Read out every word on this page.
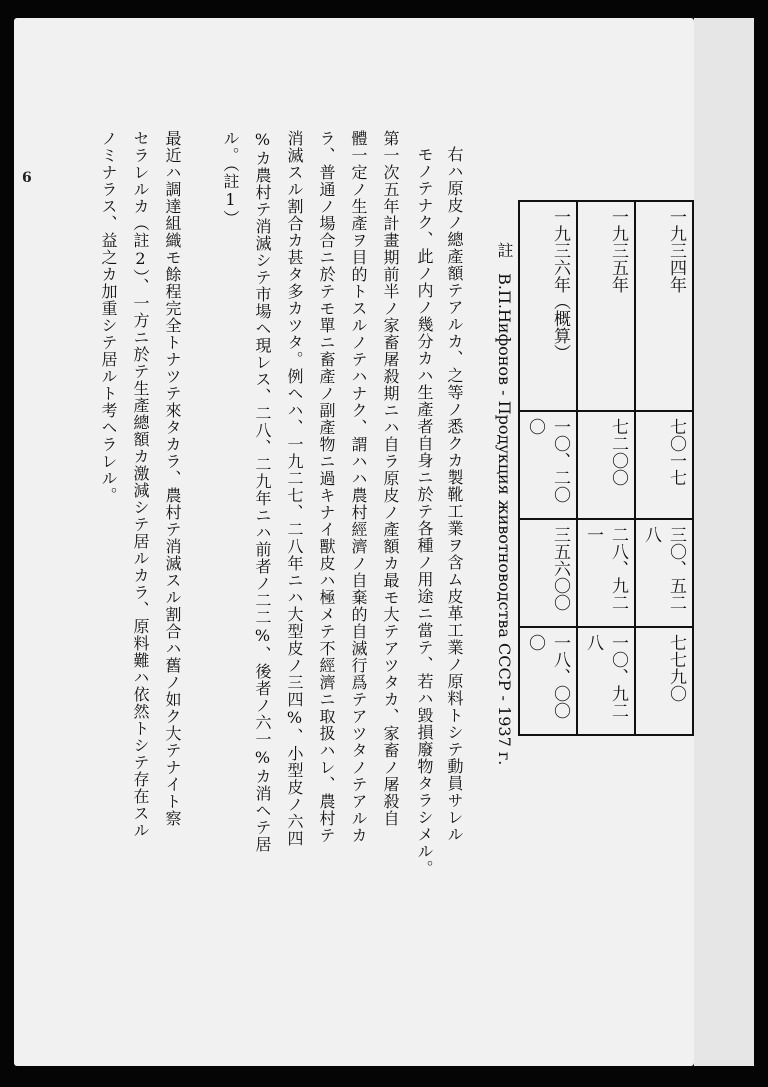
6
一九三六年（概算）	一九三五年	一九三四年
一〇、二〇〇	七二〇〇	七〇一七
三五六〇〇	二八、九二一	三〇、五二八
一八、〇〇〇	一〇、九二八	七七九〇
註 В.П.Нифонов - Продукция животноводства СССР - 1937 г.
右ハ原皮ノ總產額テアルカ、之等ノ悉クカ製靴工業ヲ含ム皮革工業ノ原料トシテ動員サレル
モノテナク、此ノ内ノ幾分カハ生產者自身ニ於テ各種ノ用途ニ當テ、若ハ毀損廢物タラシメル。
第一次五年計畫期前半ノ家畜屠殺期ニハ自ラ原皮ノ產額カ最モ大テアツタカ、家畜ノ屠殺自
體一定ノ生產ヲ目的トスルノテハナク、謂ハハ農村經濟ノ自棄的自滅行爲テアツタノテアルカ
ラ、普通ノ場合ニ於テモ單ニ畜產ノ副產物ニ過キナイ獸皮ハ極メテ不經濟ニ取扱ハレ、農村テ
消滅スル割合カ甚タ多カツタ。例ヘハ、一九二七、二八年ニハ大型皮ノ三四%、小型皮ノ六四
%カ農村テ消滅シテ市場ヘ現レス、二八、二九年ニハ前者ノ二二%、後者ノ六一%カ消ヘテ居
ル。（註1）
最近ハ調達組織モ餘程完全トナツテ來タカラ、農村テ消滅スル割合ハ舊ノ如ク大テナイト察
セラレルカ（註2）、一方ニ於テ生產總額カ激減シテ居ルカラ、原料難ハ依然トシテ存在スル
ノミナラス、益之カ加重シテ居ルト考ヘラレル。
